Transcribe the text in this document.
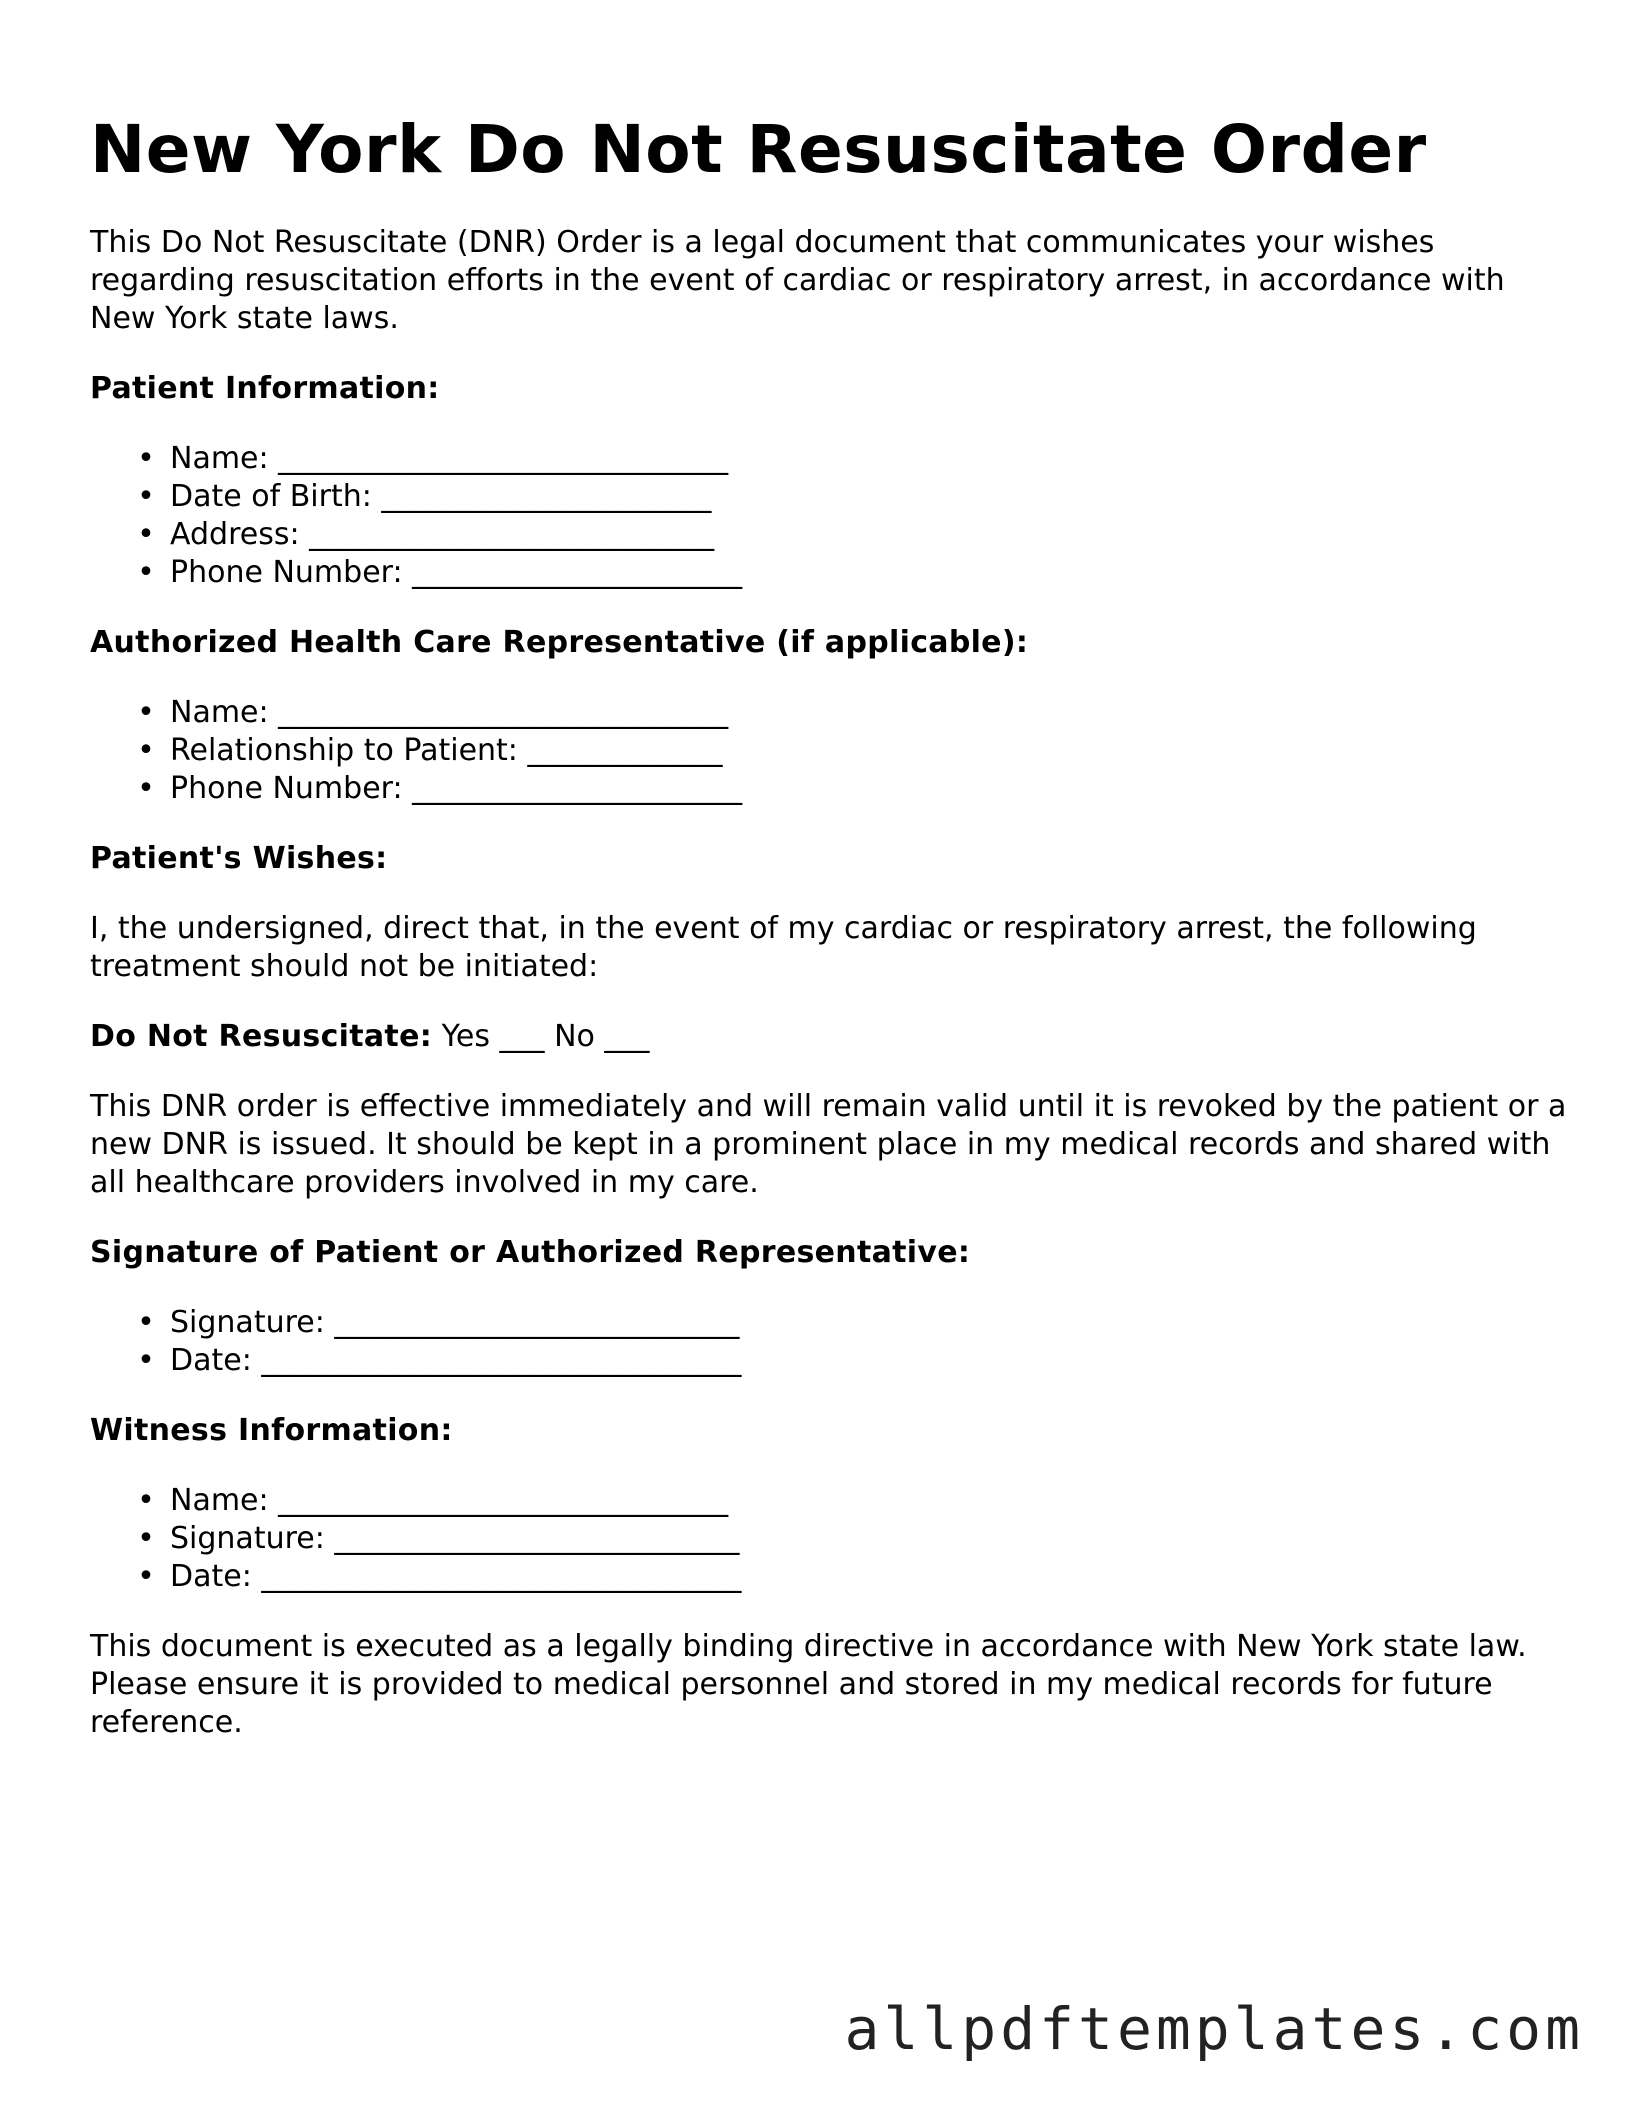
New York Do Not Resuscitate Order

This Do Not Resuscitate (DNR) Order is a legal document that communicates your wishes regarding resuscitation efforts in the event of cardiac or respiratory arrest, in accordance with New York state laws.

Patient Information:
• Name: ______________________________
• Date of Birth: ______________________
• Address: ___________________________
• Phone Number: ______________________
Authorized Health Care Representative (if applicable):
• Name: ______________________________
• Relationship to Patient: _____________
• Phone Number: ______________________
Patient's Wishes:

I, the undersigned, direct that, in the event of my cardiac or respiratory arrest, the following treatment should not be initiated:

Do Not Resuscitate: Yes ___ No ___

This DNR order is effective immediately and will remain valid until it is revoked by the patient or a new DNR is issued. It should be kept in a prominent place in my medical records and shared with all healthcare providers involved in my care.

Signature of Patient or Authorized Representative:
• Signature: ___________________________
• Date: ________________________________
Witness Information:
• Name: ______________________________
• Signature: ___________________________
• Date: ________________________________

This document is executed as a legally binding directive in accordance with New York state law. Please ensure it is provided to medical personnel and stored in my medical records for future reference.

allpdftemplates.com
